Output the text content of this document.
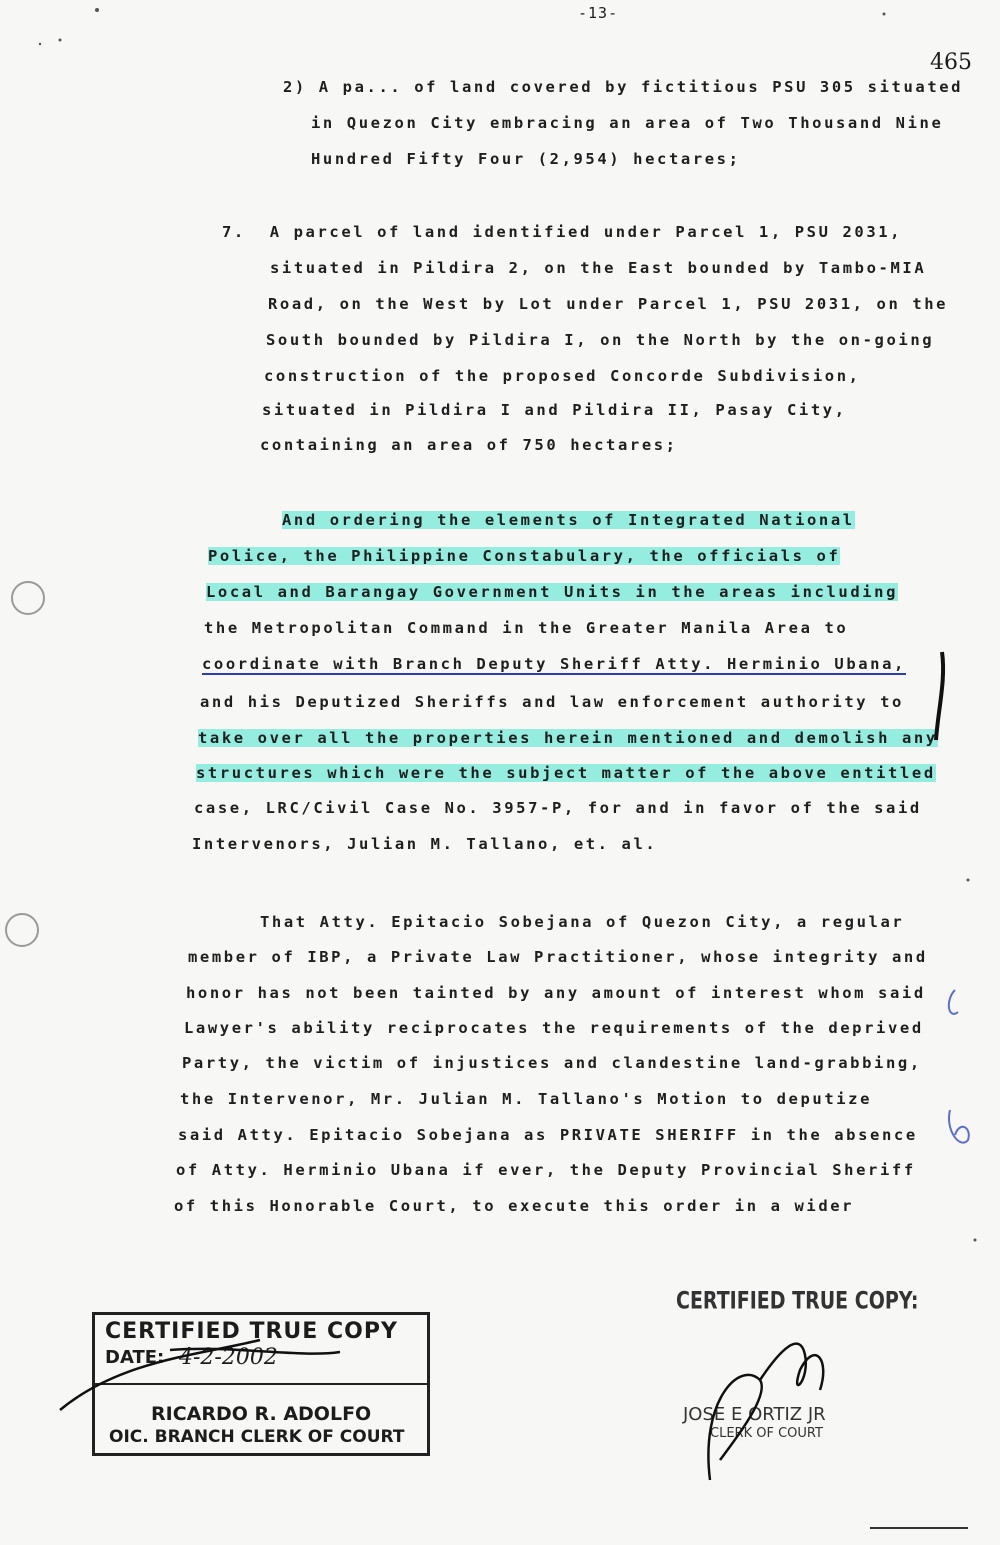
-13-
465
2) A pa... of land covered by fictitious PSU 305 situated
in Quezon City embracing an area of Two Thousand Nine
Hundred Fifty Four (2,954) hectares;
7.  A parcel of land identified under Parcel 1, PSU 2031,
situated in Pildira 2, on the East bounded by Tambo-MIA
Road, on the West by Lot under Parcel 1, PSU 2031, on the
South bounded by Pildira I, on the North by the on-going
construction of the proposed Concorde Subdivision,
situated in Pildira I and Pildira II, Pasay City,
containing an area of 750 hectares;
And ordering the elements of Integrated National
Police, the Philippine Constabulary, the officials of
Local and Barangay Government Units in the areas including
the Metropolitan Command in the Greater Manila Area to
coordinate with Branch Deputy Sheriff Atty. Herminio Ubana,
and his Deputized Sheriffs and law enforcement authority to
take over all the properties herein mentioned and demolish any
structures which were the subject matter of the above entitled
case, LRC/Civil Case No. 3957-P, for and in favor of the said
Intervenors, Julian M. Tallano, et. al.
That Atty. Epitacio Sobejana of Quezon City, a regular
member of IBP, a Private Law Practitioner, whose integrity and
honor has not been tainted by any amount of interest whom said
Lawyer's ability reciprocates the requirements of the deprived
Party, the victim of injustices and clandestine land-grabbing,
the Intervenor, Mr. Julian M. Tallano's Motion to deputize
said Atty. Epitacio Sobejana as PRIVATE SHERIFF in the absence
of Atty. Herminio Ubana if ever, the Deputy Provincial Sheriff
of this Honorable Court, to execute this order in a wider
CERTIFIED TRUE COPY
DATE: 4-2-2002
RICARDO R. ADOLFO
OIC. BRANCH CLERK OF COURT
CERTIFIED TRUE COPY:
JOSE E ORTIZ JR
CLERK OF COURT
